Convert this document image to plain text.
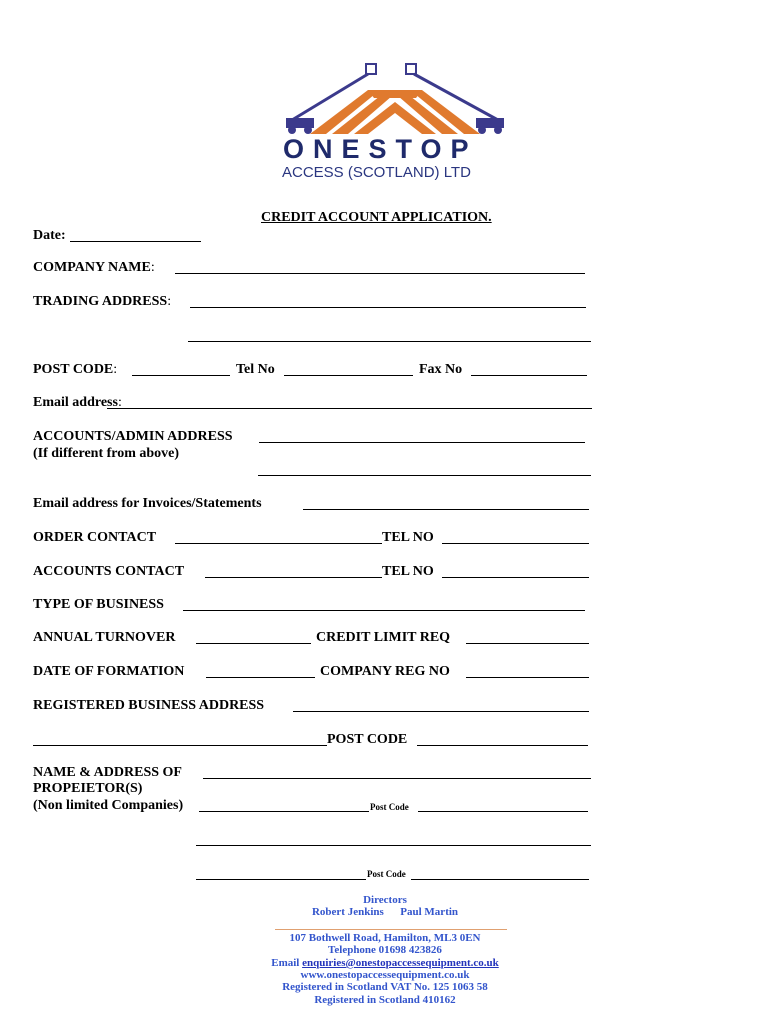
ONESTOP
ACCESS (SCOTLAND) LTD
CREDIT ACCOUNT APPLICATION.
Date:
COMPANY NAME:
TRADING ADDRESS:
POST CODE:	Tel No	Fax No
Email address:
ACCOUNTS/ADMIN ADDRESS
(If different from above)
Email address for Invoices/Statements
ORDER CONTACT	TEL NO
ACCOUNTS CONTACT	TEL NO
TYPE OF BUSINESS
ANNUAL TURNOVER	CREDIT LIMIT REQ
DATE OF FORMATION	COMPANY REG NO
REGISTERED BUSINESS ADDRESS
POST CODE
NAME & ADDRESS OF
PROPEIETOR(S)
(Non limited Companies)	Post Code
Post Code
Directors
Robert Jenkins Paul Martin
107 Bothwell Road, Hamilton, ML3 0EN
Telephone 01698 423826
Email enquiries@onestopaccessequipment.co.uk
www.onestopaccessequipment.co.uk
Registered in Scotland VAT No. 125 1063 58
Registered in Scotland 410162
